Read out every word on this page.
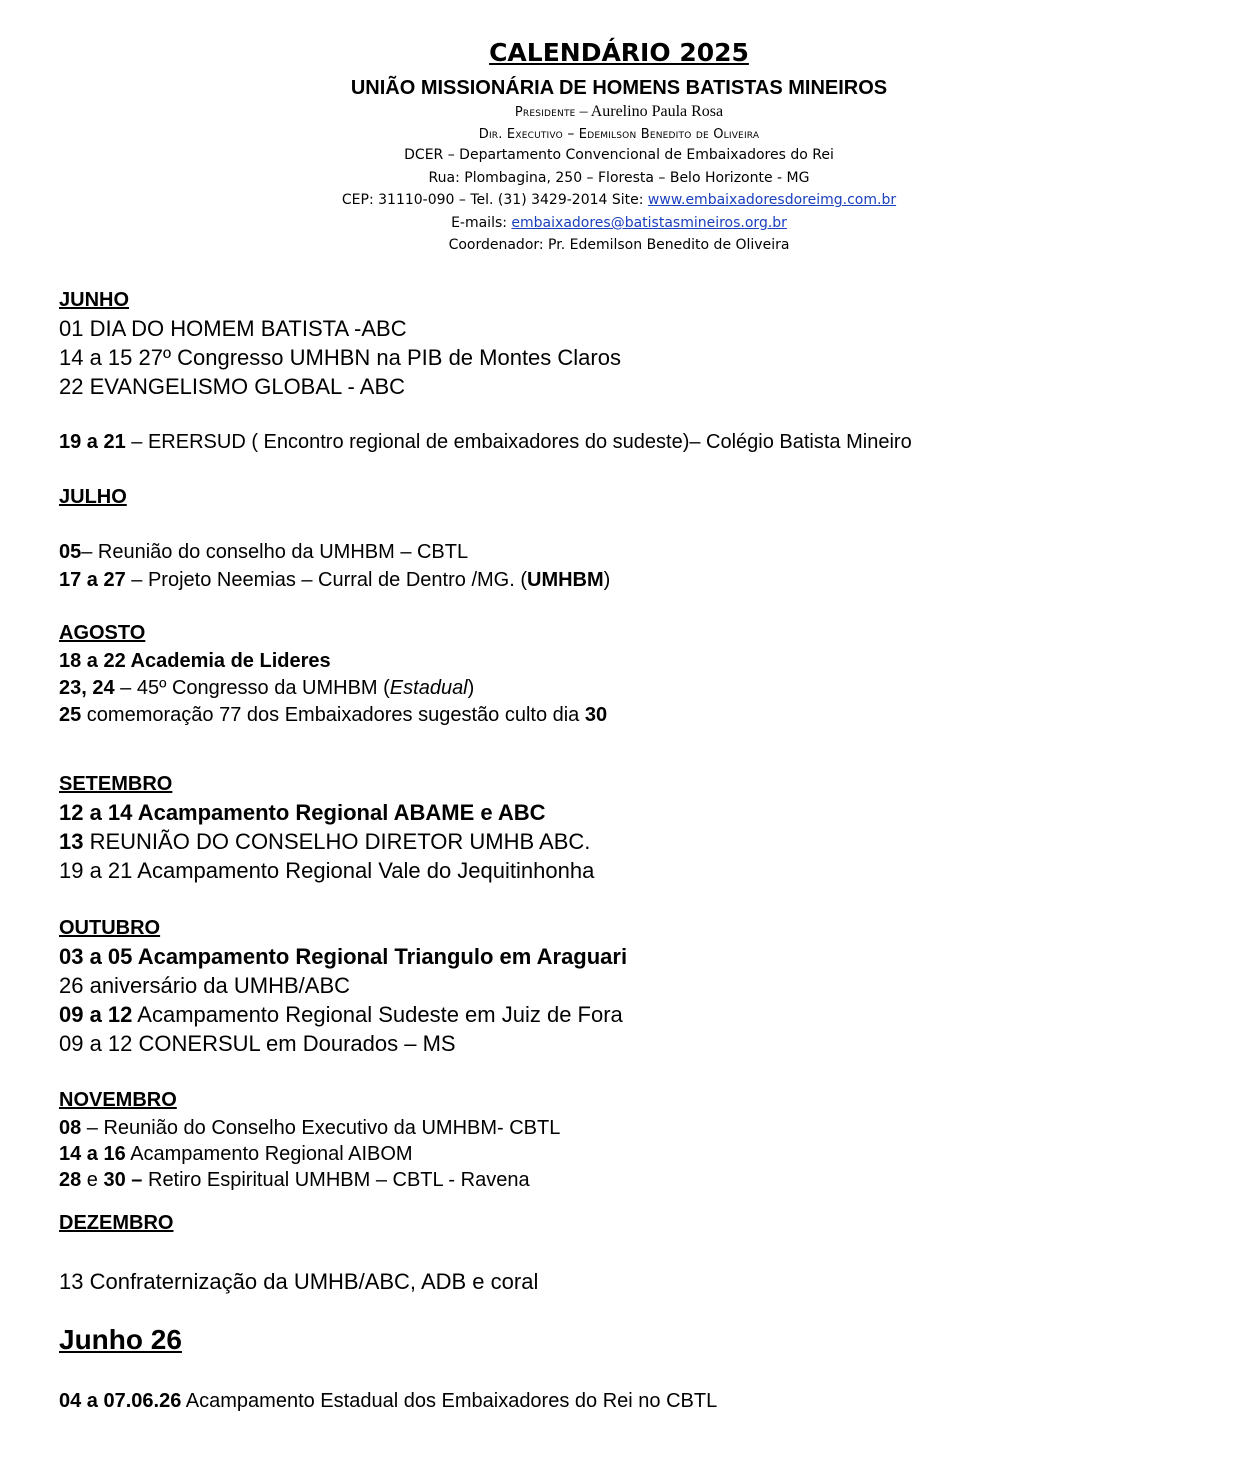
CALENDÁRIO 2025
UNIÃO MISSIONÁRIA DE HOMENS BATISTAS MINEIROS
Presidente – Aurelino Paula Rosa
Dir. Executivo – Edemilson Benedito de Oliveira
DCER – Departamento Convencional de Embaixadores do Rei
Rua: Plombagina, 250 – Floresta – Belo Horizonte - MG
CEP: 31110-090 – Tel. (31) 3429-2014 Site: www.embaixadoresdoreimg.com.br
E-mails: embaixadores@batistasmineiros.org.br
Coordenador: Pr. Edemilson Benedito de Oliveira
JUNHO
01 DIA DO HOMEM BATISTA -ABC
14 a 15 27º Congresso UMHBN na PIB de Montes Claros
22 EVANGELISMO GLOBAL - ABC
19 a 21 – ERERSUD ( Encontro regional de embaixadores do sudeste)– Colégio Batista Mineiro
JULHO
05– Reunião do conselho da UMHBM – CBTL
17 a 27 – Projeto Neemias – Curral de Dentro /MG. (UMHBM)
AGOSTO
18 a 22 Academia de Lideres
23, 24 – 45º Congresso da UMHBM (Estadual)
25 comemoração 77 dos Embaixadores sugestão culto dia 30
SETEMBRO
12 a 14 Acampamento Regional ABAME e ABC
13 REUNIÃO DO CONSELHO DIRETOR UMHB ABC.
19 a 21 Acampamento Regional Vale do Jequitinhonha
OUTUBRO
03 a 05 Acampamento Regional Triangulo em Araguari
26 aniversário da UMHB/ABC
09 a 12 Acampamento Regional Sudeste em Juiz de Fora
09 a 12 CONERSUL em Dourados – MS
NOVEMBRO
08 – Reunião do Conselho Executivo da UMHBM- CBTL
14 a 16 Acampamento Regional AIBOM
28 e 30 – Retiro Espiritual UMHBM – CBTL - Ravena
DEZEMBRO
13 Confraternização da UMHB/ABC, ADB e coral
Junho 26
04 a 07.06.26 Acampamento Estadual dos Embaixadores do Rei no CBTL
